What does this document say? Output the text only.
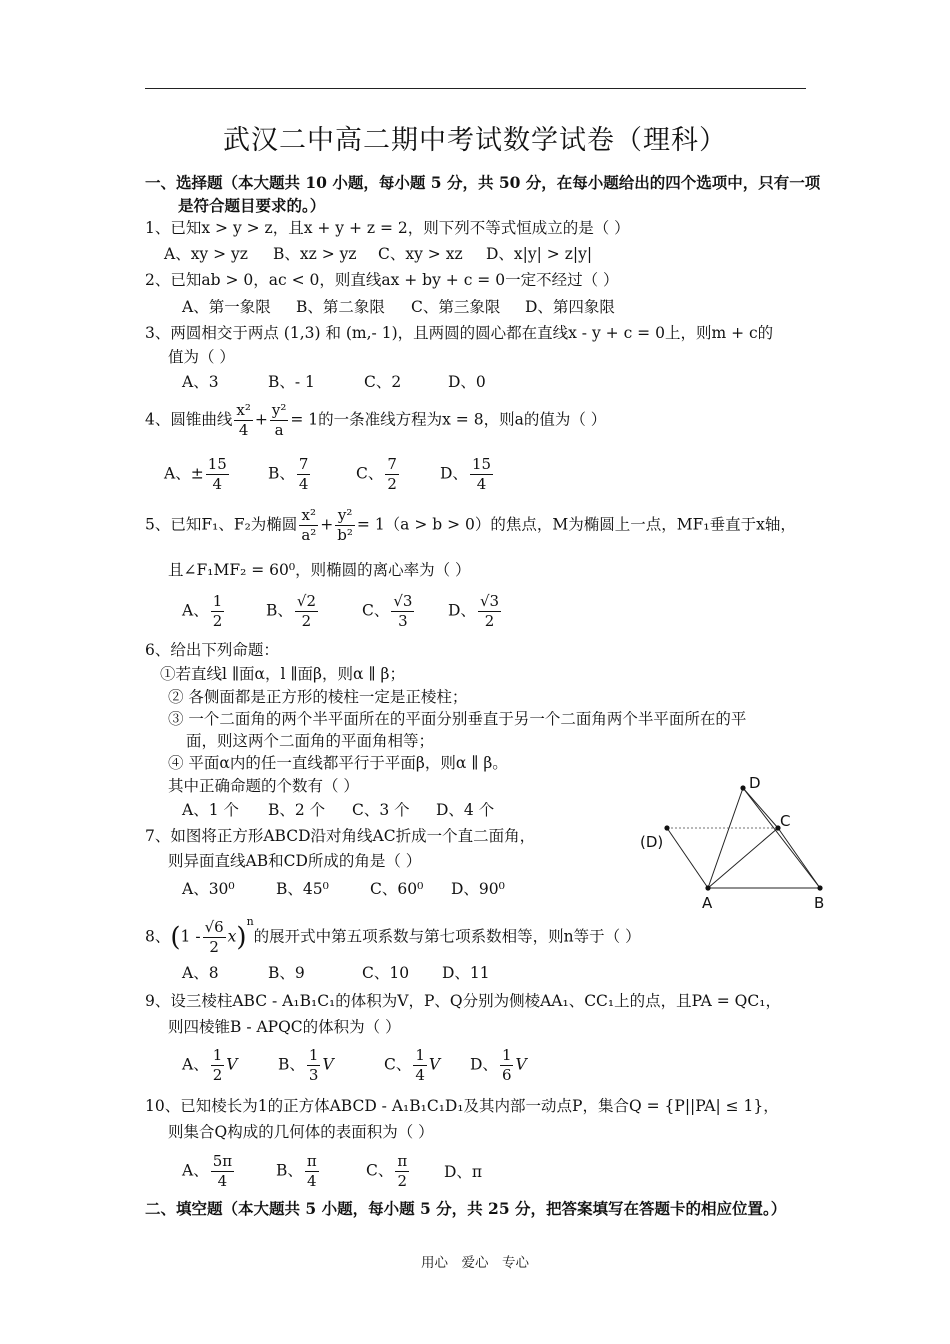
武汉二中高二期中考试数学试卷（理科）
一、选择题（本大题共 10 小题，每小题 5 分，共 50 分，在每小题给出的四个选项中，只有一项
是符合题目要求的。）
1、已知x > y > z，且x + y + z = 2，则下列不等式恒成立的是（ ）
A、xy > yz B、xz > yz C、xy > xz D、x|y| > z|y|
2、已知ab > 0，ac < 0，则直线ax + by + c = 0一定不经过（ ）
A、第一象限 B、第二象限 C、第三象限 D、第四象限
3、两圆相交于两点 (1,3) 和 (m,- 1)，且两圆的圆心都在直线x - y + c = 0上，则m + c的
值为（ ）
A、3	B、- 1	C、2	D、0
4、圆锥曲线 $\frac{\text{x²}}{4} + \frac{\text{y²}}{a} = 1$的一条准线方程为x = 8，则a的值为（ ）
A、± $\frac{15}{4}$	B、 $\frac{7}{4}$	C、 $\frac{7}{2}$	D、 $\frac{15}{4}$
5、已知F₁、F₂为椭圆 $\frac{\text{x²}}{\text{a²}} + \frac{\text{y²}}{\text{b²}} = 1(a > b > 0)$的焦点，M为椭圆上一点，MF₁垂直于x轴，
且∠F₁MF₂ = 60⁰，则椭圆的离心率为（ ）
A、 $\frac{1}{2}$	B、 $\frac{√2}{2}$	C、 $\frac{√3}{3}$ D、 $\frac{√3}{2}$
6、给出下列命题：
①若直线l ∥面α，l ∥面β，则α ∥ β；
② 各侧面都是正方形的棱柱一定是正棱柱；
③ 一个二面角的两个半平面所在的平面分别垂直于另一个二面角两个半平面所在的平
面，则这两个二面角的平面角相等；
④ 平面α内的任一直线都平行于平面β，则α ∥ β。
其中正确命题的个数有（ ）
A、1 个 B、2 个 C、3 个 D、4 个
7、如图将正方形ABCD沿对角线AC折成一个直二面角，
则异面直线AB和CD所成的角是（ ）
A、30⁰	B、45⁰	C、60⁰ D、90⁰
D
C
(D)
A	B
8、$(1 - \frac{√6}{2} x)^n$的展开式中第五项系数与第七项系数相等，则n等于（ ）
A、8	B、9	C、10 D、11
9、设三棱柱ABC - A₁B₁C₁的体积为V，P、Q分别为侧棱AA₁、CC₁上的点，且PA = QC₁，
则四棱锥B - APQC的体积为（ ）
A、 $\frac{1}{2}$ V	B、 $\frac{1}{3}$ V	C、 $\frac{1}{4}$ V D、 $\frac{1}{6}$ V
10、已知棱长为1的正方体ABCD - A₁B₁C₁D₁及其内部一动点P，集合Q = {P||PA| ≤ 1}，
则集合Q构成的几何体的表面积为（ ）
A、 $\frac{5\pi}{4}$	B、 $\frac{\pi}{4}$	C、 $\frac{\pi}{2}$ D、π
二、填空题（本大题共 5 小题，每小题 5 分，共 25 分，把答案填写在答题卡的相应位置。）
用心　爱心　专心
